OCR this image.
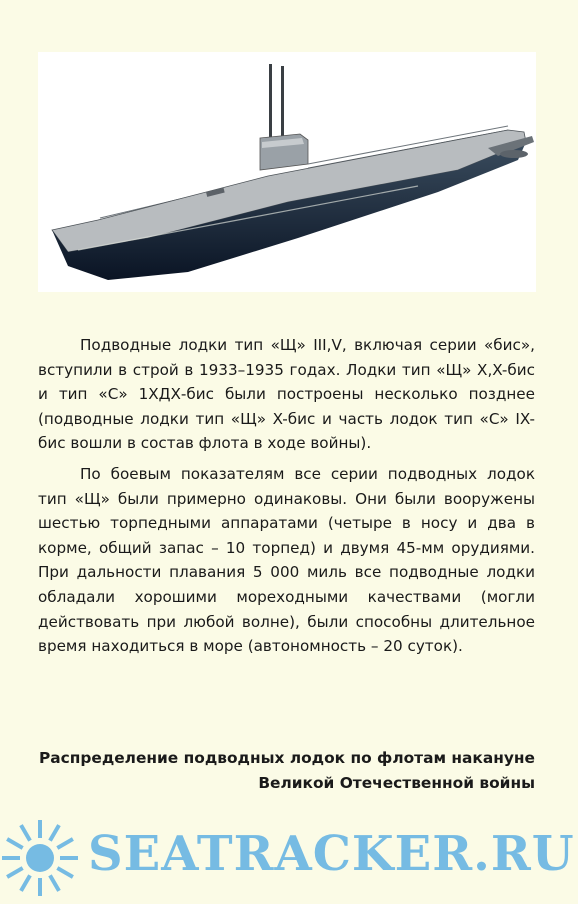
Подводные лодки тип «Щ» III,V, включая серии «бис», вступили в строй в 1933–1935 годах. Лодки тип «Щ» X,X-бис и тип «С» 1ХДХ-бис были построены несколько позднее (подводные лодки тип «Щ» X-бис и часть лодок тип «С» IX-бис вошли в состав флота в ходе войны).

По боевым показателям все серии подводных лодок тип «Щ» были примерно одинаковы. Они были вооружены шестью торпедными аппаратами (четыре в носу и два в корме, общий запас – 10 торпед) и двумя 45-мм орудиями. При дальности плавания 5 000 миль все подводные лодки обладали хорошими мореходными качествами (могли действовать при любой волне), были способны длительное время находиться в море (автономность – 20 суток).

Распределение подводных лодок по флотам накануне Великой Отечественной войны
SEATRACKER.RU
